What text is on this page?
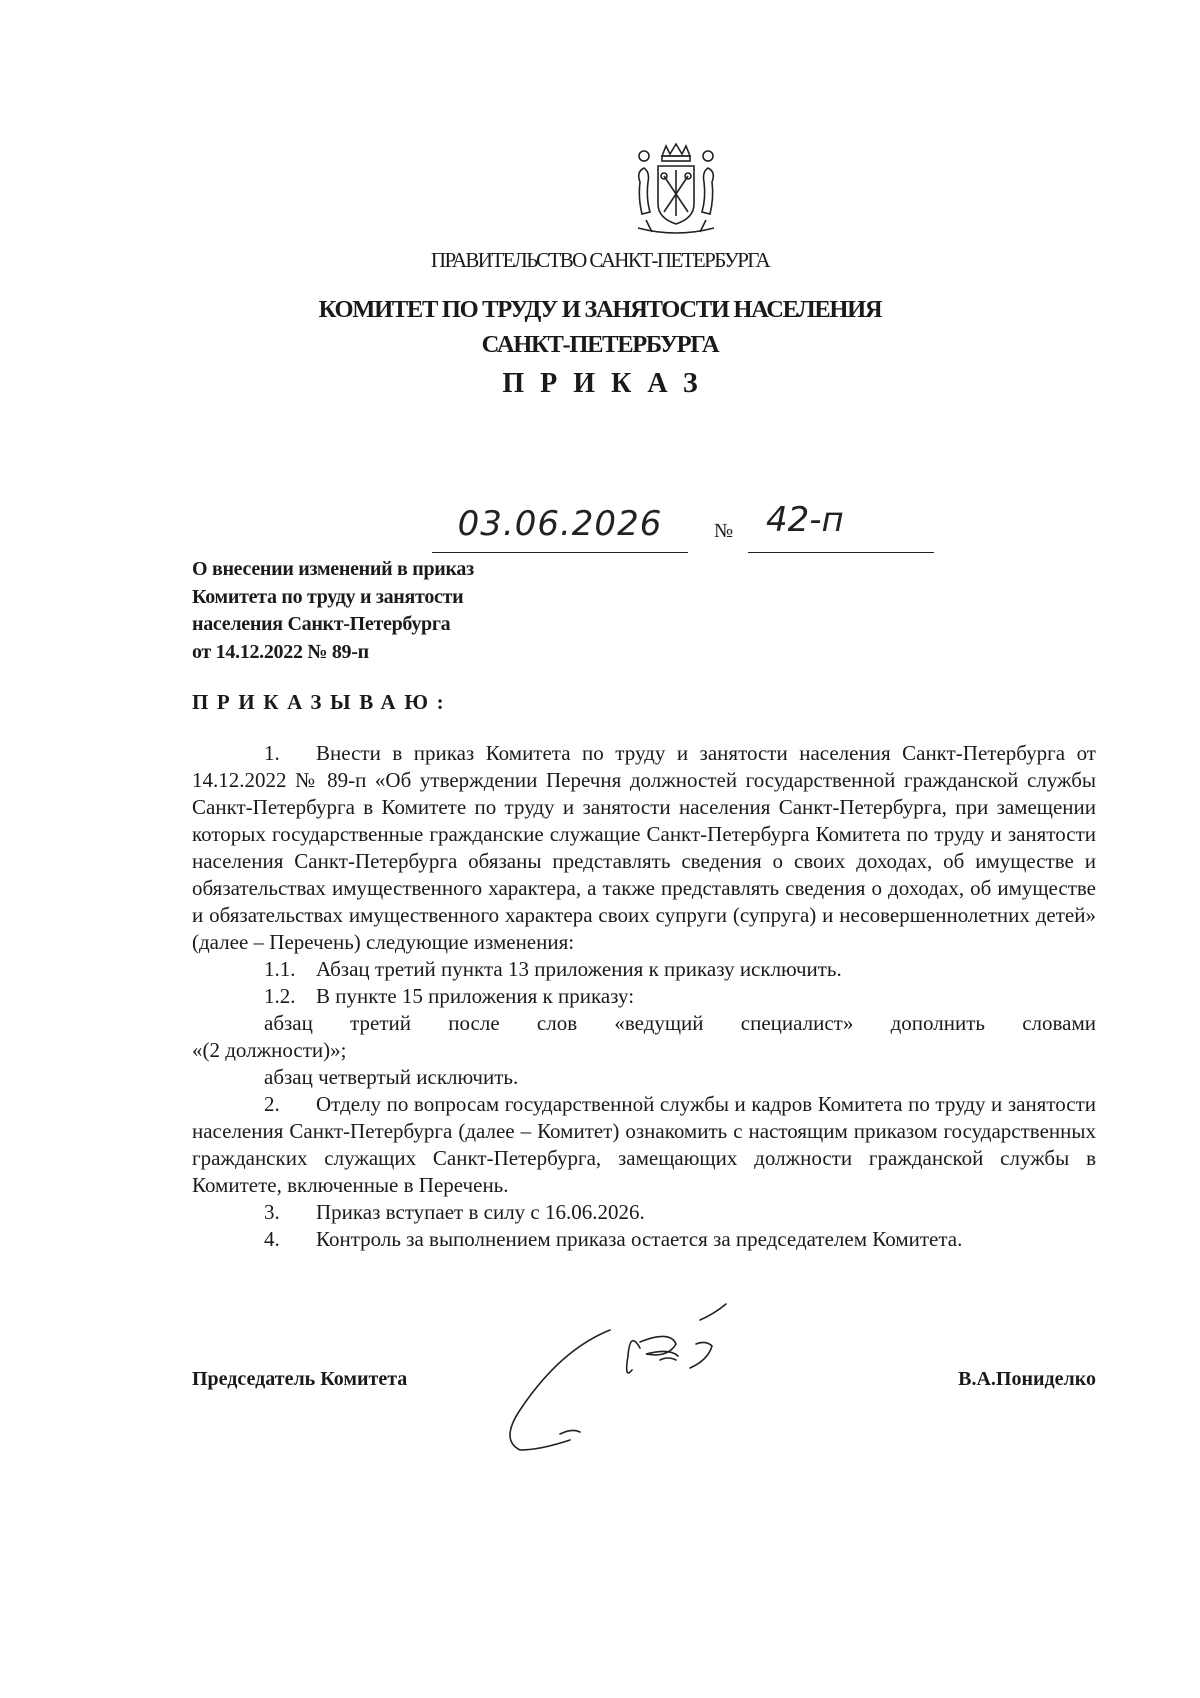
ПРАВИТЕЛЬСТВО САНКТ-ПЕТЕРБУРГА
КОМИТЕТ ПО ТРУДУ И ЗАНЯТОСТИ НАСЕЛЕНИЯ
САНКТ-ПЕТЕРБУРГА
ПРИКАЗ
03.06.2026	№ 42-п
О внесении изменений в приказ
Комитета по труду и занятости
населения Санкт-Петербурга
от 14.12.2022 № 89-п
ПРИКАЗЫВАЮ:

1. Внести в приказ Комитета по труду и занятости населения Санкт-Петербурга от 14.12.2022 № 89-п «Об утверждении Перечня должностей государственной гражданской службы Санкт-Петербурга в Комитете по труду и занятости населения Санкт-Петербурга, при замещении которых государственные гражданские служащие Санкт-Петербурга Комитета по труду и занятости населения Санкт-Петербурга обязаны представлять сведения о своих доходах, об имуществе и обязательствах имущественного характера, а также представлять сведения о доходах, об имуществе и обязательствах имущественного характера своих супруги (супруга) и несовершеннолетних детей» (далее – Перечень) следующие изменения:

1.1. Абзац третий пункта 13 приложения к приказу исключить.

1.2. В пункте 15 приложения к приказу:

абзац третий после слов «ведущий специалист» дополнить словами

«(2 должности)»;

абзац четвертый исключить.

2. Отделу по вопросам государственной службы и кадров Комитета по труду и занятости населения Санкт-Петербурга (далее – Комитет) ознакомить с настоящим приказом государственных гражданских служащих Санкт-Петербурга, замещающих должности гражданской службы в Комитете, включенные в Перечень.

3. Приказ вступает в силу с 16.06.2026.

4. Контроль за выполнением приказа остается за председателем Комитета.

Председатель Комитета	В.А.Пониделко
